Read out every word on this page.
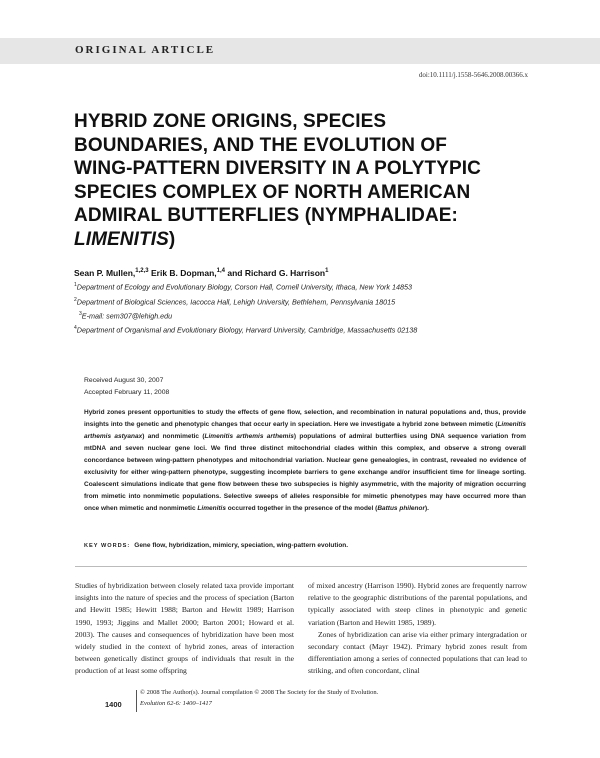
ORIGINAL ARTICLE
doi:10.1111/j.1558-5646.2008.00366.x
HYBRID ZONE ORIGINS, SPECIES BOUNDARIES, AND THE EVOLUTION OF WING-PATTERN DIVERSITY IN A POLYTYPIC SPECIES COMPLEX OF NORTH AMERICAN ADMIRAL BUTTERFLIES (NYMPHALIDAE: LIMENITIS)
Sean P. Mullen,$^{1,2,3}$ Erik B. Dopman,$^{1,4}$ and Richard G. Harrison$^1$
$^1$Department of Ecology and Evolutionary Biology, Corson Hall, Cornell University, Ithaca, New York 14853
$^2$Department of Biological Sciences, Iacocca Hall, Lehigh University, Bethlehem, Pennsylvania 18015
$^3$E-mail: sem307@lehigh.edu
$^4$Department of Organismal and Evolutionary Biology, Harvard University, Cambridge, Massachusetts 02138
Received August 30, 2007
Accepted February 11, 2008
Hybrid zones present opportunities to study the effects of gene flow, selection, and recombination in natural populations and, thus, provide insights into the genetic and phenotypic changes that occur early in speciation. Here we investigate a hybrid zone between mimetic (Limenitis arthemis astyanax) and nonmimetic (Limenitis arthemis arthemis) populations of admiral butterflies using DNA sequence variation from mtDNA and seven nuclear gene loci. We find three distinct mitochondrial clades within this complex, and observe a strong overall concordance between wing-pattern phenotypes and mitochondrial variation. Nuclear gene genealogies, in contrast, revealed no evidence of exclusivity for either wing-pattern phenotype, suggesting incomplete barriers to gene exchange and/or insufficient time for lineage sorting. Coalescent simulations indicate that gene flow between these two subspecies is highly asymmetric, with the majority of migration occurring from mimetic into nonmimetic populations. Selective sweeps of alleles responsible for mimetic phenotypes may have occurred more than once when mimetic and nonmimetic Limenitis occurred together in the presence of the model (Battus philenor).
KEY WORDS: Gene flow, hybridization, mimicry, speciation, wing-pattern evolution.

Studies of hybridization between closely related taxa provide important insights into the nature of species and the process of speciation (Barton and Hewitt 1985; Hewitt 1988; Barton and Hewitt 1989; Harrison 1990, 1993; Jiggins and Mallet 2000; Barton 2001; Howard et al. 2003). The causes and consequences of hybridization have been most widely studied in the context of hybrid zones, areas of interaction between genetically distinct groups of individuals that result in the production of at least some offspring

of mixed ancestry (Harrison 1990). Hybrid zones are frequently narrow relative to the geographic distributions of the parental populations, and typically associated with steep clines in phenotypic and genetic variation (Barton and Hewitt 1985, 1989).

Zones of hybridization can arise via either primary intergradation or secondary contact (Mayr 1942). Primary hybrid zones result from differentiation among a series of connected populations that can lead to striking, and often concordant, clinal

1400
© 2008 The Author(s). Journal compilation © 2008 The Society for the Study of Evolution.
Evolution 62-6: 1400–1417
